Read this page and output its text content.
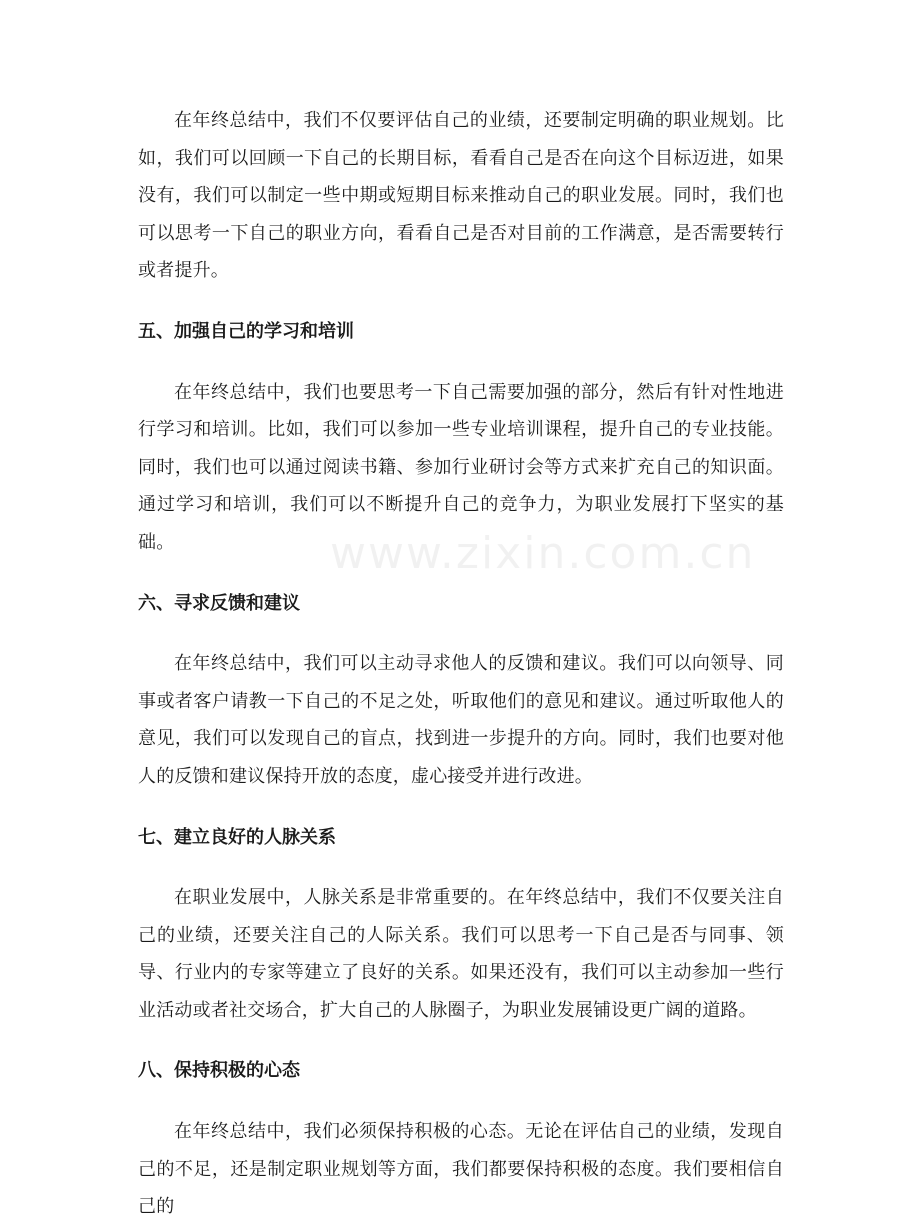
www.zixin.com.cn

在年终总结中，我们不仅要评估自己的业绩，还要制定明确的职业规划。比如，我们可以回顾一下自己的长期目标，看看自己是否在向这个目标迈进，如果没有，我们可以制定一些中期或短期目标来推动自己的职业发展。同时，我们也可以思考一下自己的职业方向，看看自己是否对目前的工作满意，是否需要转行或者提升。

五、加强自己的学习和培训

在年终总结中，我们也要思考一下自己需要加强的部分，然后有针对性地进行学习和培训。比如，我们可以参加一些专业培训课程，提升自己的专业技能。同时，我们也可以通过阅读书籍、参加行业研讨会等方式来扩充自己的知识面。通过学习和培训，我们可以不断提升自己的竞争力，为职业发展打下坚实的基础。

六、寻求反馈和建议

在年终总结中，我们可以主动寻求他人的反馈和建议。我们可以向领导、同事或者客户请教一下自己的不足之处，听取他们的意见和建议。通过听取他人的意见，我们可以发现自己的盲点，找到进一步提升的方向。同时，我们也要对他人的反馈和建议保持开放的态度，虚心接受并进行改进。

七、建立良好的人脉关系

在职业发展中，人脉关系是非常重要的。在年终总结中，我们不仅要关注自己的业绩，还要关注自己的人际关系。我们可以思考一下自己是否与同事、领导、行业内的专家等建立了良好的关系。如果还没有，我们可以主动参加一些行业活动或者社交场合，扩大自己的人脉圈子，为职业发展铺设更广阔的道路。

八、保持积极的心态

在年终总结中，我们必须保持积极的心态。无论在评估自己的业绩，发现自己的不足，还是制定职业规划等方面，我们都要保持积极的态度。我们要相信自己的
